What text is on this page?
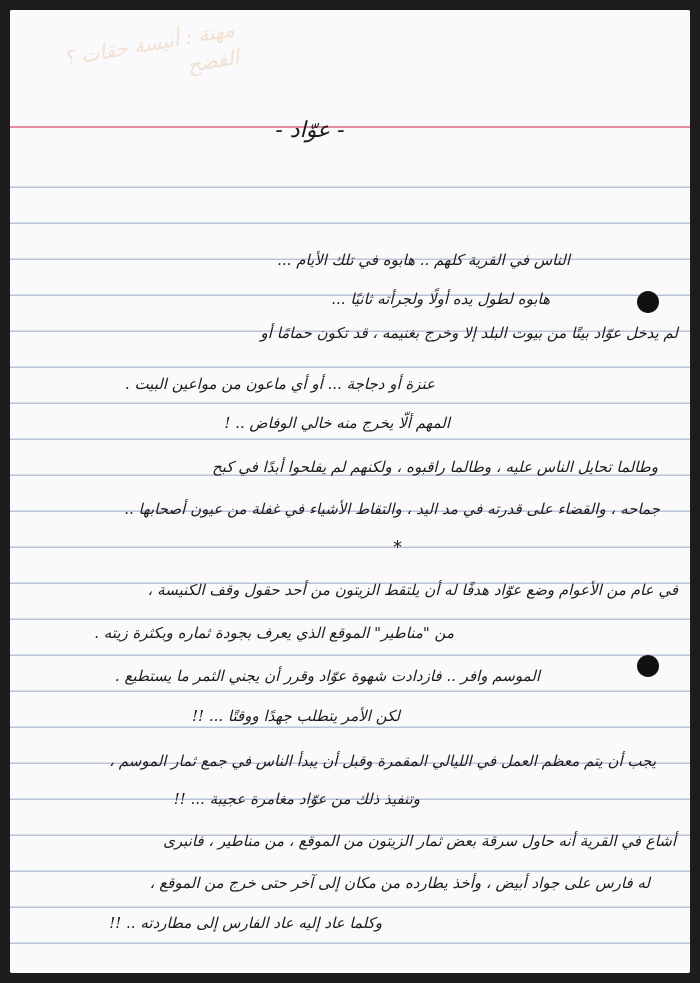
مهنة : أنيسة حقات ؟ الفضح
- عوّاد -
الناس في القرية كلهم .. هابوه في تلك الأيام ...
هابوه لطول يده أولًا ولجرأته ثانيًا ...
لم يدخل عوّاد بيتًا من بيوت البلد إلا وخرج بغنيمه ، قد تكون حمامًا أو
عنزة أو دجاجة ... أو أي ماعون من مواعين البيت .
المهم ألّا يخرج منه خالي الوفاض .. !
وطالما تحايل الناس عليه ، وطالما راقبوه ، ولكنهم لم يفلحوا أبدًا في كبح
جماحه ، والقضاء على قدرته في مد اليد ، والتقاط الأشياء في غفلة من عيون أصحابها ..
*
في عام من الأعوام وضع عوّاد هدفًا له أن يلتقط الزيتون من أحد حقول وقف الكنيسة ،
من "مناطير" الموقع الذي يعرف بجودة ثماره وبكثرة زيته .
الموسم وافر .. فازدادت شهوة عوّاد وقرر أن يجني الثمر ما يستطيع .
لكن الأمر يتطلب جهدًا ووقتًا ... !!
يجب أن يتم معظم العمل في الليالي المقمرة وقبل أن يبدأ الناس في جمع ثمار الموسم ،
وتنفيذ ذلك من عوّاد مغامرة عجيبة ... !!
أشاع في القرية أنه حاول سرقة بعض ثمار الزيتون من الموقع ، من مناطير ، فانبرى
له فارس على جواد أبيض ، وأخذ يطارده من مكان إلى آخر حتى خرج من الموقع ،
وكلما عاد إليه عاد الفارس إلى مطاردته .. !!
